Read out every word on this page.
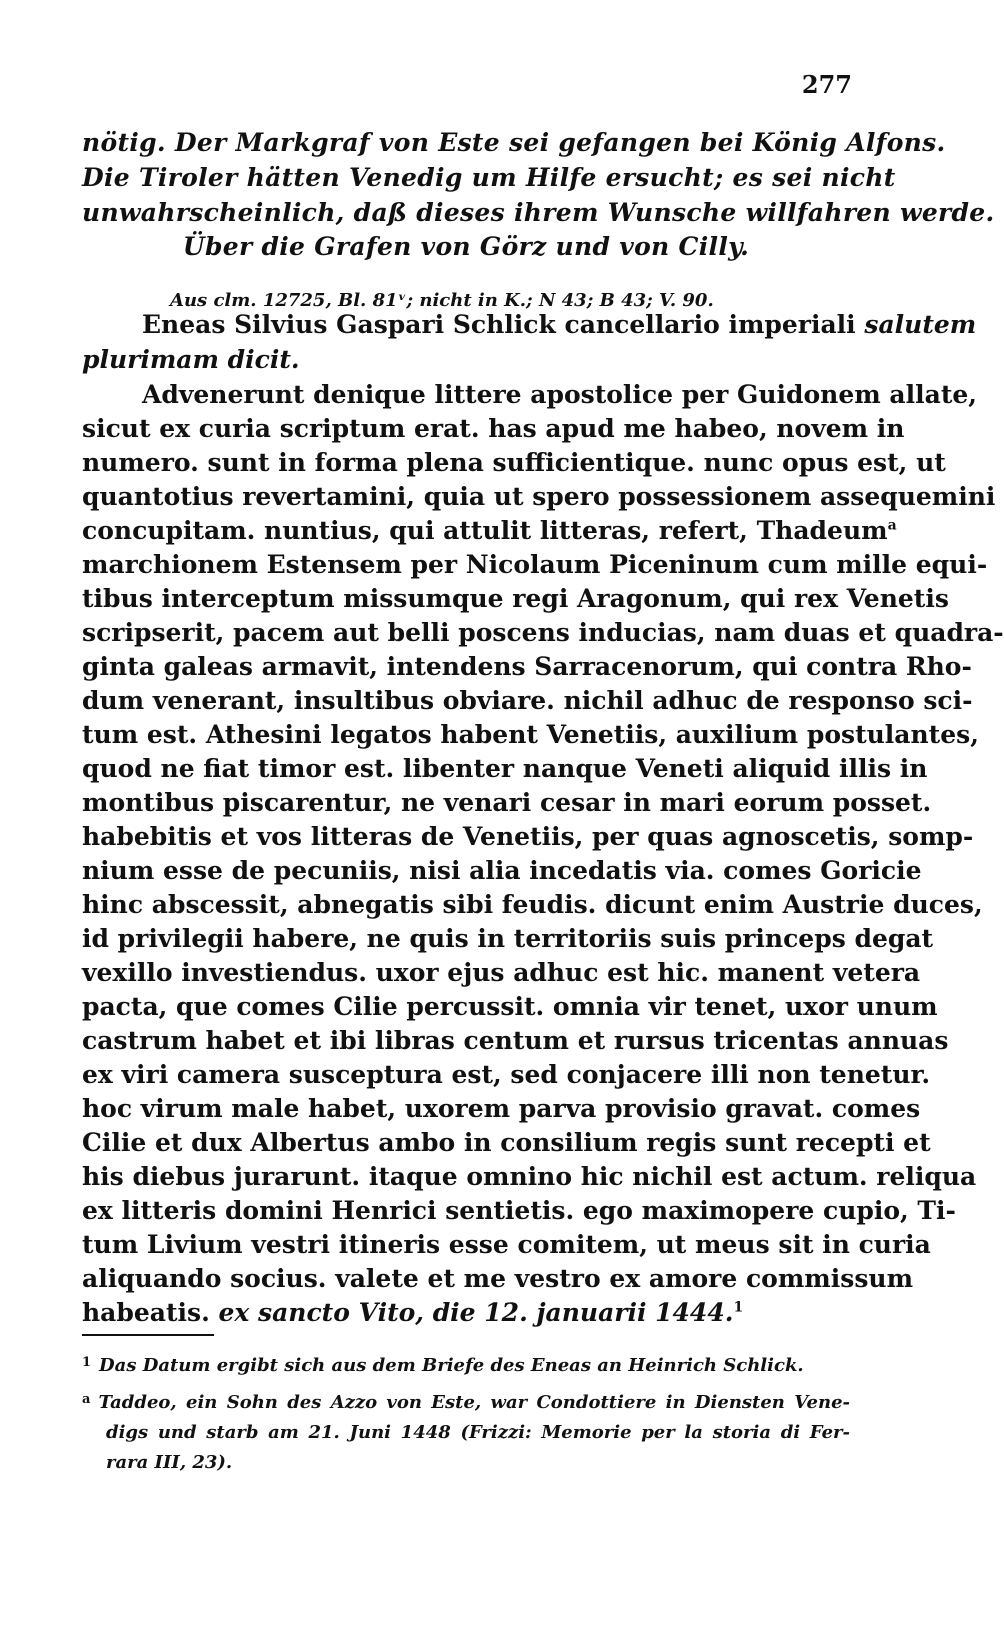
277

nötig. Der Markgraf von Este sei gefangen bei König Alfons.

Die Tiroler hätten Venedig um Hilfe ersucht; es sei nicht

unwahrscheinlich, daß dieses ihrem Wunsche willfahren werde.

Über die Grafen von Görz und von Cilly.

Aus clm. 12725, Bl. 81ᵛ; nicht in K.; N 43; B 43; V. 90.

Eneas Silvius Gaspari Schlick cancellario imperiali salutem

plurimam dicit.

Advenerunt denique littere apostolice per Guidonem allate,

sicut ex curia scriptum erat. has apud me habeo, novem in

numero. sunt in forma plena sufficientique. nunc opus est, ut

quantotius revertamini, quia ut spero possessionem assequemini

concupitam. nuntius, qui attulit litteras, refert, Thadeum$^a$

marchionem Estensem per Nicolaum Piceninum cum mille equi-

tibus interceptum missumque regi Aragonum, qui rex Venetis

scripserit, pacem aut belli poscens inducias, nam duas et quadra-

ginta galeas armavit, intendens Sarracenorum, qui contra Rho-

dum venerant, insultibus obviare. nichil adhuc de responso sci-

tum est. Athesini legatos habent Venetiis, auxilium postulantes,

quod ne fiat timor est. libenter nanque Veneti aliquid illis in

montibus piscarentur, ne venari cesar in mari eorum posset.

habebitis et vos litteras de Venetiis, per quas agnoscetis, somp-

nium esse de pecuniis, nisi alia incedatis via. comes Goricie

hinc abscessit, abnegatis sibi feudis. dicunt enim Austrie duces,

id privilegii habere, ne quis in territoriis suis princeps degat

vexillo investiendus. uxor ejus adhuc est hic. manent vetera

pacta, que comes Cilie percussit. omnia vir tenet, uxor unum

castrum habet et ibi libras centum et rursus tricentas annuas

ex viri camera susceptura est, sed conjacere illi non tenetur.

hoc virum male habet, uxorem parva provisio gravat. comes

Cilie et dux Albertus ambo in consilium regis sunt recepti et

his diebus jurarunt. itaque omnino hic nichil est actum. reliqua

ex litteris domini Henrici sentietis. ego maximopere cupio, Ti-

tum Livium vestri itineris esse comitem, ut meus sit in curia

aliquando socius. valete et me vestro ex amore commissum

habeatis. ex sancto Vito, die 12. januarii 1444.$^1$

$^1$ Das Datum ergibt sich aus dem Briefe des Eneas an Heinrich Schlick.

$^a$ Taddeo, ein Sohn des Azzo von Este, war Condottiere in Diensten Vene-

digs und starb am 21. Juni 1448 (Frizzi: Memorie per la storia di Fer-

rara III, 23).
